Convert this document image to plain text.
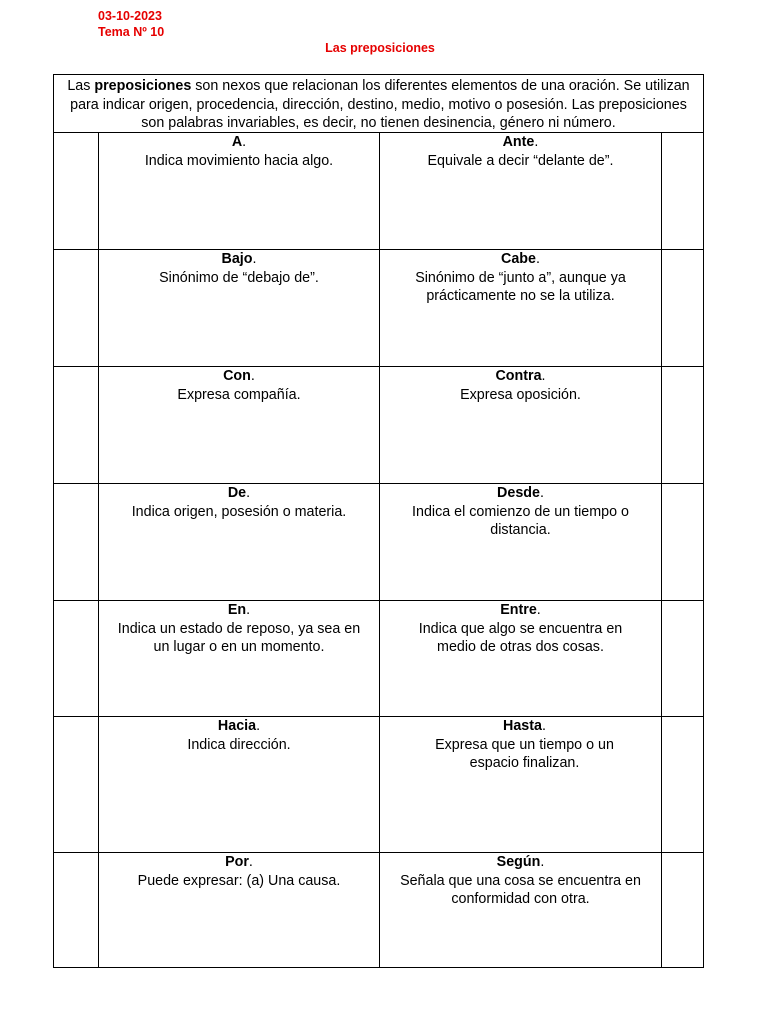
03-10-2023
Tema Nº 10
Las preposiciones
Las preposiciones son nexos que relacionan los diferentes elementos de una oración. Se utilizan para indicar origen, procedencia, dirección, destino, medio, motivo o posesión. Las preposiciones son palabras invariables, es decir, no tienen desinencia, género ni número.
A.
Indica movimiento hacia algo.
Ante.
Equivale a decir “delante de”.
Bajo.
Sinónimo de “debajo de”.
Cabe.
Sinónimo de “junto a”, aunque ya prácticamente no se la utiliza.
Con.
Expresa compañía.
Contra.
Expresa oposición.
De.
Indica origen, posesión o materia.
Desde.
Indica el comienzo de un tiempo o distancia.
En.
Indica un estado de reposo, ya sea en un lugar o en un momento.
Entre.
Indica que algo se encuentra en medio de otras dos cosas.
Hacia.
Indica dirección.
Hasta.
Expresa que un tiempo o un espacio finalizan.
Por.
Puede expresar: (a) Una causa.
Según.
Señala que una cosa se encuentra en conformidad con otra.
